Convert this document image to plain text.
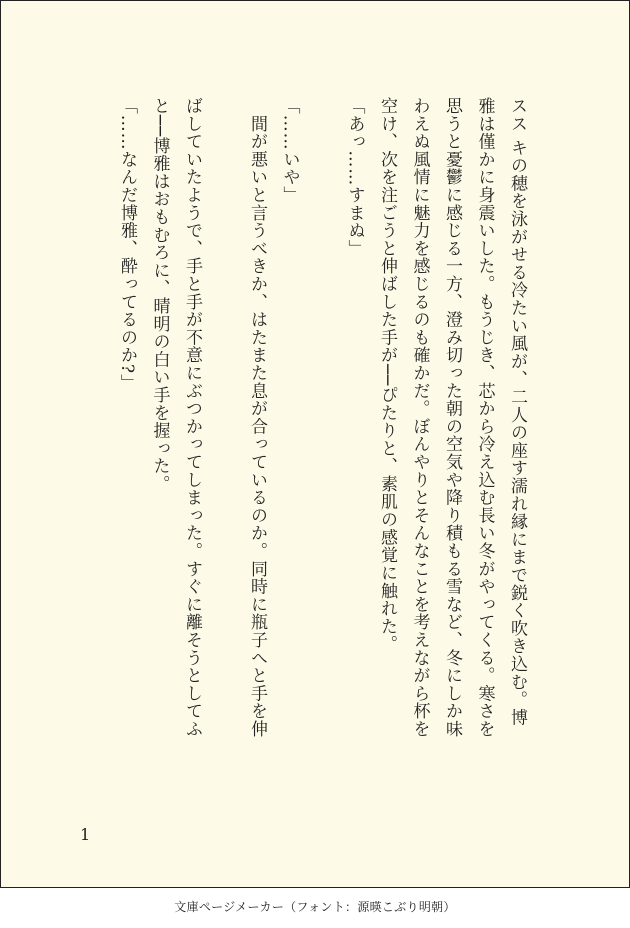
スス キの穂を泳がせる冷たい風が、二人の座す濡れ縁にまで鋭く吹き込む。博

雅は僅かに身震いした。もうじき、芯から冷え込む長い冬がやってくる。寒さを

思うと憂鬱に感じる一方、澄み切った朝の空気や降り積もる雪など、冬にしか味

わえぬ風情に魅力を感じるのも確かだ。ぼんやりとそんなことを考えながら杯を

空け、次を注ごうと伸ばした手が──ぴたりと、素肌の感覚に触れた。

「あっ……すまぬ」

「……いや」

　間が悪いと言うべきか、はたまた息が合っているのか。同時に瓶子へと手を伸

ばしていたようで、手と手が不意にぶつかってしまった。すぐに離そうとしてふ

と──博雅はおもむろに、晴明の白い手を握った。

「……なんだ博雅、酔ってるのか?」

1
文庫ページメーカー（フォント：源暎こぶり明朝）
